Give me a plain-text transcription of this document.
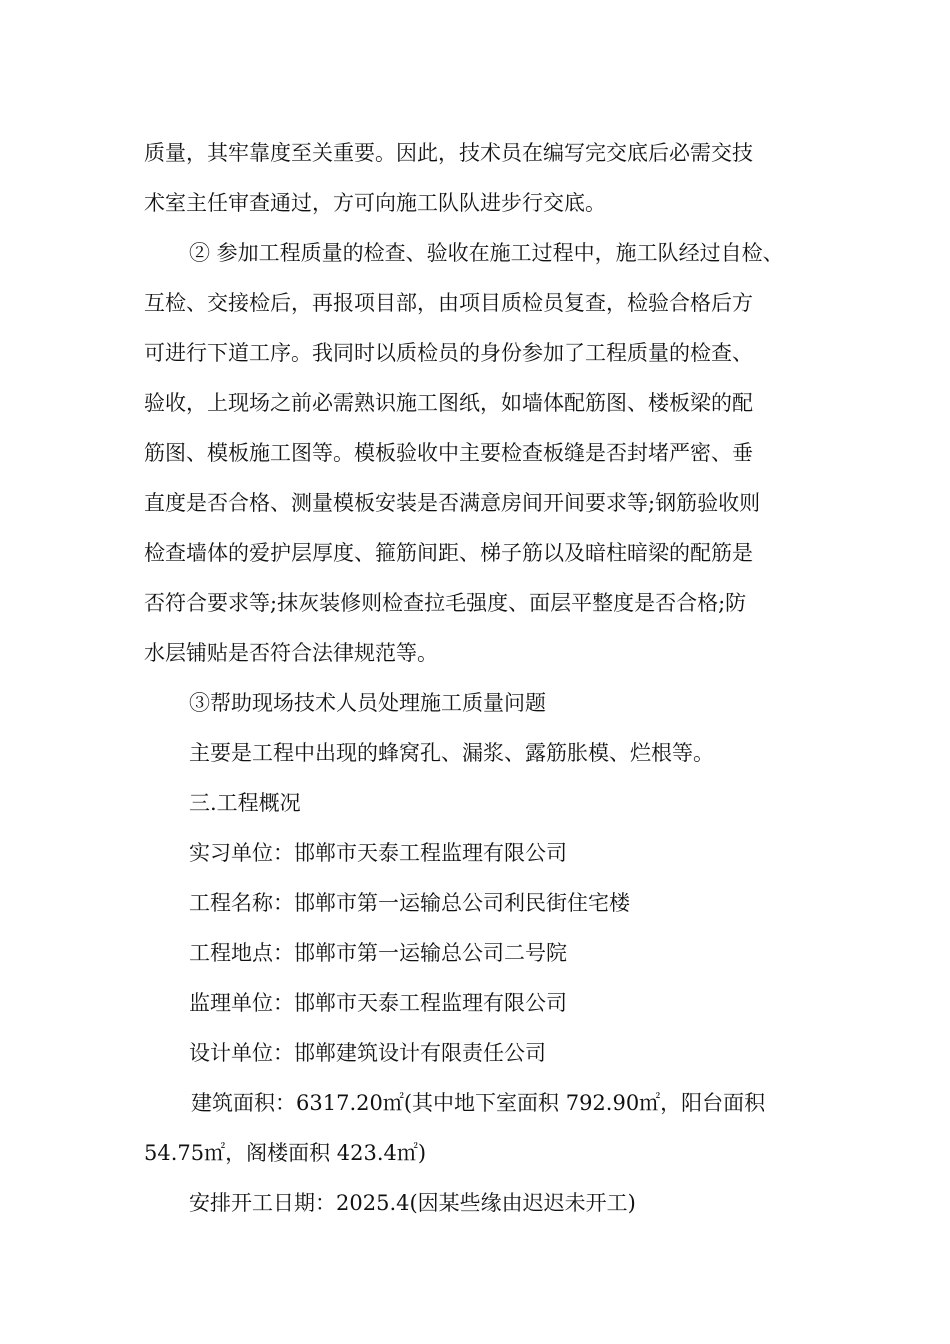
质量，其牢靠度至关重要。因此，技术员在编写完交底后必需交技
术室主任审查通过，方可向施工队队进步行交底。
② 参加工程质量的检查、验收在施工过程中，施工队经过自检、
互检、交接检后，再报项目部，由项目质检员复查，检验合格后方
可进行下道工序。我同时以质检员的身份参加了工程质量的检查、
验收，上现场之前必需熟识施工图纸，如墙体配筋图、楼板梁的配
筋图、模板施工图等。模板验收中主要检查板缝是否封堵严密、垂
直度是否合格、测量模板安装是否满意房间开间要求等;钢筋验收则
检查墙体的爱护层厚度、箍筋间距、梯子筋以及暗柱暗梁的配筋是
否符合要求等;抹灰装修则检查拉毛强度、面层平整度是否合格;防
水层铺贴是否符合法律规范等。
③帮助现场技术人员处理施工质量问题
主要是工程中出现的蜂窝孔、漏浆、露筋胀模、烂根等。
三.工程概况
实习单位：邯郸市天泰工程监理有限公司
工程名称：邯郸市第一运输总公司利民街住宅楼
工程地点：邯郸市第一运输总公司二号院
监理单位：邯郸市天泰工程监理有限公司
设计单位：邯郸建筑设计有限责任公司
建筑面积：6317.20㎡(其中地下室面积 792.90㎡，阳台面积
54.75㎡，阁楼面积 423.4㎡)
安排开工日期：2025.4(因某些缘由迟迟未开工)
